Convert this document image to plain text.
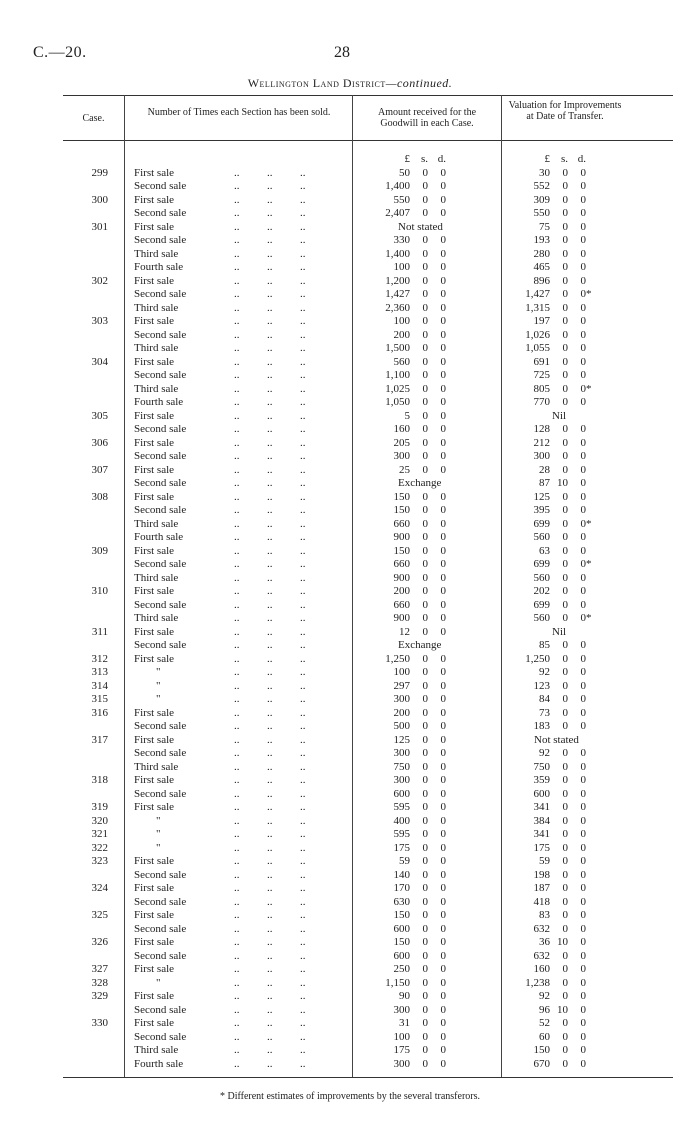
C.—20.	28
Wellington Land District—continued.
Case.
Number of Times each Section has been sold.	Amount received for the Goodwill in each Case.
Valuation for Improvements at Date of Transfer.
£ s. d.	£ s. d.
299 First sale	..          ..          ..	50	0	0	30	0	0
Second sale	..          ..          ..	1,400	0	0	552	0	0
300 First sale	..          ..          ..	550	0	0	309	0	0
Second sale	..          ..          ..	2,407	0	0	550	0	0
301 First sale	..          ..          ..	Not stated	75	0	0
Second sale	..          ..          ..	330	0	0	193	0	0
Third sale	..          ..          ..	1,400	0	0	280	0	0
Fourth sale	..          ..          ..	100	0	0	465	0	0
302 First sale	..          ..          ..	1,200	0	0	896	0	0
Second sale	..          ..          ..	1,427	0	0	1,427	0	0 *
Third sale	..          ..          ..	2,360	0	0	1,315	0	0
303 First sale	..          ..          ..	100	0	0	197	0	0
Second sale	..          ..          ..	200	0	0	1,026	0	0
Third sale	..          ..          ..	1,500	0	0	1,055	0	0
304 First sale	..          ..          ..	560	0	0	691	0	0
Second sale	..          ..          ..	1,100	0	0	725	0	0
Third sale	..          ..          ..	1,025	0	0	805	0	0 *
Fourth sale	..          ..          ..	1,050	0	0	770	0	0
305 First sale	..          ..          ..	5	0	0	Nil
Second sale	..          ..          ..	160	0	0	128	0	0
306 First sale	..          ..          ..	205	0	0	212	0	0
Second sale	..          ..          ..	300	0	0	300	0	0
307 First sale	..          ..          ..	25	0	0	28	0	0
Second sale	..          ..          ..	Exchange	87 10	0
308 First sale	..          ..          ..	150	0	0	125	0	0
Second sale	..          ..          ..	150	0	0	395	0	0
Third sale	..          ..          ..	660	0	0	699	0	0 *
Fourth sale	..          ..          ..	900	0	0	560	0	0
309 First sale	..          ..          ..	150	0	0	63	0	0
Second sale	..          ..          ..	660	0	0	699	0	0 *
Third sale	..          ..          ..	900	0	0	560	0	0
310 First sale	..          ..          ..	200	0	0	202	0	0
Second sale	..          ..          ..	660	0	0	699	0	0
Third sale	..          ..          ..	900	0	0	560	0	0 *
311 First sale	..          ..          ..	12	0	0	Nil
Second sale	..          ..          ..	Exchange	85	0	0
312 First sale	..          ..          ..	1,250	0	0	1,250	0	0
313	"	..          ..          ..	100	0	0	92	0	0
314	"	..          ..          ..	297	0	0	123	0	0
315	"	..          ..          ..	300	0	0	84	0	0
316 First sale	..          ..          ..	200	0	0	73	0	0
Second sale	..          ..          ..	500	0	0	183	0	0
317 First sale	..          ..          ..	125	0	0	Not stated
Second sale	..          ..          ..	300	0	0	92	0	0
Third sale	..          ..          ..	750	0	0	750	0	0
318 First sale	..          ..          ..	300	0	0	359	0	0
Second sale	..          ..          ..	600	0	0	600	0	0
319 First sale	..          ..          ..	595	0	0	341	0	0
320	"	..          ..          ..	400	0	0	384	0	0
321	"	..          ..          ..	595	0	0	341	0	0
322	"	..          ..          ..	175	0	0	175	0	0
323 First sale	..          ..          ..	59	0	0	59	0	0
Second sale	..          ..          ..	140	0	0	198	0	0
324 First sale	..          ..          ..	170	0	0	187	0	0
Second sale	..          ..          ..	630	0	0	418	0	0
325 First sale	..          ..          ..	150	0	0	83	0	0
Second sale	..          ..          ..	600	0	0	632	0	0
326 First sale	..          ..          ..	150	0	0	36 10	0
Second sale	..          ..          ..	600	0	0	632	0	0
327 First sale	..          ..          ..	250	0	0	160	0	0
328	"	..          ..          ..	1,150	0	0	1,238	0	0
329 First sale	..          ..          ..	90	0	0	92	0	0
Second sale	..          ..          ..	300	0	0	96 10	0
330 First sale	..          ..          ..	31	0	0	52	0	0
Second sale	..          ..          ..	100	0	0	60	0	0
Third sale	..          ..          ..	175	0	0	150	0	0
Fourth sale	..          ..          ..	300	0	0	670	0	0
* Different estimates of improvements by the several transferors.
